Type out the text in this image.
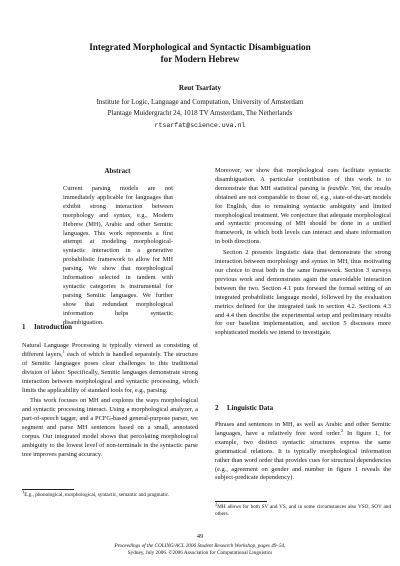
Integrated Morphological and Syntactic Disambiguation
for Modern Hebrew
Reut Tsarfaty
Institute for Logic, Language and Computation, University of Amsterdam
Plantage Muidergracht 24, 1018 TV Amsterdam, The Netherlands
rtsarfat@science.uva.nl
Abstract

Current parsing models are not immediately applicable for languages that exhibit strong interaction between morphology and syntax, e.g., Modern Hebrew (MH), Arabic and other Semitic languages. This work represents a first attempt at modeling morphological-syntactic interaction in a generative probabilistic framework to allow for MH parsing. We show that morphological information selected in tandem with syntactic categories is instrumental for parsing Semitic languages. We further show that redundant morphological information helps syntactic disambiguation.

1 Introduction

Natural Language Processing is typically viewed as consisting of different layers,$^1$ each of which is handled separately. The structure of Semitic languages poses clear challenges to this traditional division of labor. Specifically, Semitic languages demonstrate strong interaction between morphological and syntactic processing, which limits the applicability of standard tools for, e.g., parsing.

This work focuses on MH and explores the ways morphological and syntactic processing interact. Using a morphological analyzer, a part-of-speech tagger, and a PCFG-based general-purpose parser, we segment and parse MH sentences based on a small, annotated corpus. Our integrated model shows that percolating morphological ambiguity to the lowest level of non-terminals in the syntactic parse tree improves parsing accuracy.

$^1$E.g., phonological, morphological, syntactic, semantic and pragmatic.

Moreover, we show that morphological cues facilitate syntactic disambiguation. A particular contribution of this work is to demonstrate that MH statistical parsing is feasible. Yet, the results obtained are not comparable to those of, e.g., state-of-the-art models for English, due to remaining syntactic ambiguity and limited morphological treatment. We conjecture that adequate morphological and syntactic processing of MH should be done in a unified framework, in which both levels can interact and share information in both directions.

Section 2 presents linguistic data that demonstrate the strong interaction between morphology and syntax in MH, thus motivating our choice to treat both in the same framework. Section 3 surveys previous work and demonstrates again the unavoidable interaction between the two. Section 4.1 puts forward the formal setting of an integrated probabilistic language model, followed by the evaluation metrics defined for the integrated task in section 4.2. Sections 4.3 and 4.4 then describe the experimental setup and preliminary results for our baseline implementation, and section 5 discusses more sophisticated models we intend to investigate.

2 Linguistic Data

Phrases and sentences in MH, as well as Arabic and other Semitic languages, have a relatively free word order.$^2$ In figure 1, for example, two distinct syntactic structures express the same grammatical relations. It is typically morphological information rather than word order that provides cues for structural dependencies (e.g., agreement on gender and number in figure 1 reveals the subject-predicate dependency).

$^2$MH allows for both SV and VS, and in some circumstances also VSO, SOV and others.
49
Proceedings of the COLING/ACL 2006 Student Research Workshop, pages 49–54,
Sydney, July 2006. ©2006 Association for Computational Linguistics
